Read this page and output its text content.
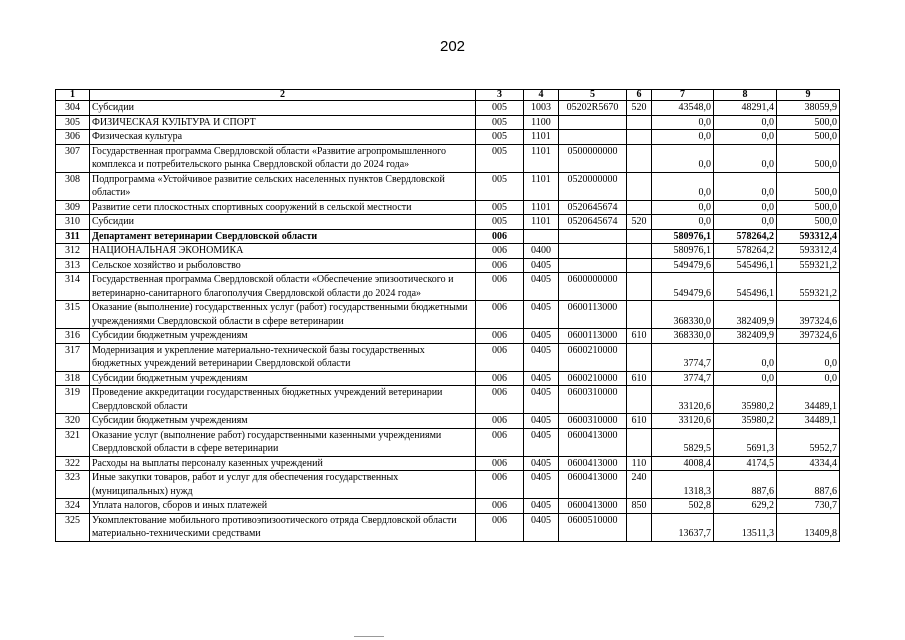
202
1	2	3	4	5	6	7	8	9
304	Субсидии	005	1003	05202R5670	520	43548,0	48291,4	38059,9
305	ФИЗИЧЕСКАЯ КУЛЬТУРА И СПОРТ	005	1100			0,0	0,0	500,0
306	Физическая культура	005	1101			0,0	0,0	500,0
307	Государственная программа Свердловской области «Развитие агропромышленного комплекса и потребительского рынка Свердловской области до 2024 года»	005	1101	0500000000		0,0	0,0	500,0
308	Подпрограмма «Устойчивое развитие сельских населенных пунктов Свердловской области»	005	1101	0520000000		0,0	0,0	500,0
309	Развитие сети плоскостных спортивных сооружений в сельской местности	005	1101	0520645674		0,0	0,0	500,0
310	Субсидии	005	1101	0520645674	520	0,0	0,0	500,0
311	Департамент ветеринарии Свердловской области	006				580976,1	578264,2	593312,4
312	НАЦИОНАЛЬНАЯ ЭКОНОМИКА	006	0400			580976,1	578264,2	593312,4
313	Сельское хозяйство и рыболовство	006	0405			549479,6	545496,1	559321,2
314	Государственная программа Свердловской области «Обеспечение эпизоотического и ветеринарно-санитарного благополучия Свердловской области до 2024 года»	006	0405	0600000000		549479,6	545496,1	559321,2
315	Оказание (выполнение) государственных услуг (работ) государственными бюджетными учреждениями Свердловской области в сфере ветеринарии	006	0405	0600113000		368330,0	382409,9	397324,6
316	Субсидии бюджетным учреждениям	006	0405	0600113000	610	368330,0	382409,9	397324,6
317	Модернизация и укрепление материально-технической базы государственных бюджетных учреждений ветеринарии Свердловской области	006	0405	0600210000		3774,7	0,0	0,0
318	Субсидии бюджетным учреждениям	006	0405	0600210000	610	3774,7	0,0	0,0
319	Проведение аккредитации государственных бюджетных учреждений ветеринарии Свердловской области	006	0405	0600310000		33120,6	35980,2	34489,1
320	Субсидии бюджетным учреждениям	006	0405	0600310000	610	33120,6	35980,2	34489,1
321	Оказание услуг (выполнение работ) государственными казенными учреждениями Свердловской области в сфере ветеринарии	006	0405	0600413000		5829,5	5691,3	5952,7
322	Расходы на выплаты персоналу казенных учреждений	006	0405	0600413000	110	4008,4	4174,5	4334,4
323	Иные закупки товаров, работ и услуг для обеспечения государственных (муниципальных) нужд	006	0405	0600413000	240	1318,3	887,6	887,6
324	Уплата налогов, сборов и иных платежей	006	0405	0600413000	850	502,8	629,2	730,7
325	Укомплектование мобильного противоэпизоотического отряда Свердловской области материально-техническими средствами	006	0405	0600510000		13637,7	13511,3	13409,8
